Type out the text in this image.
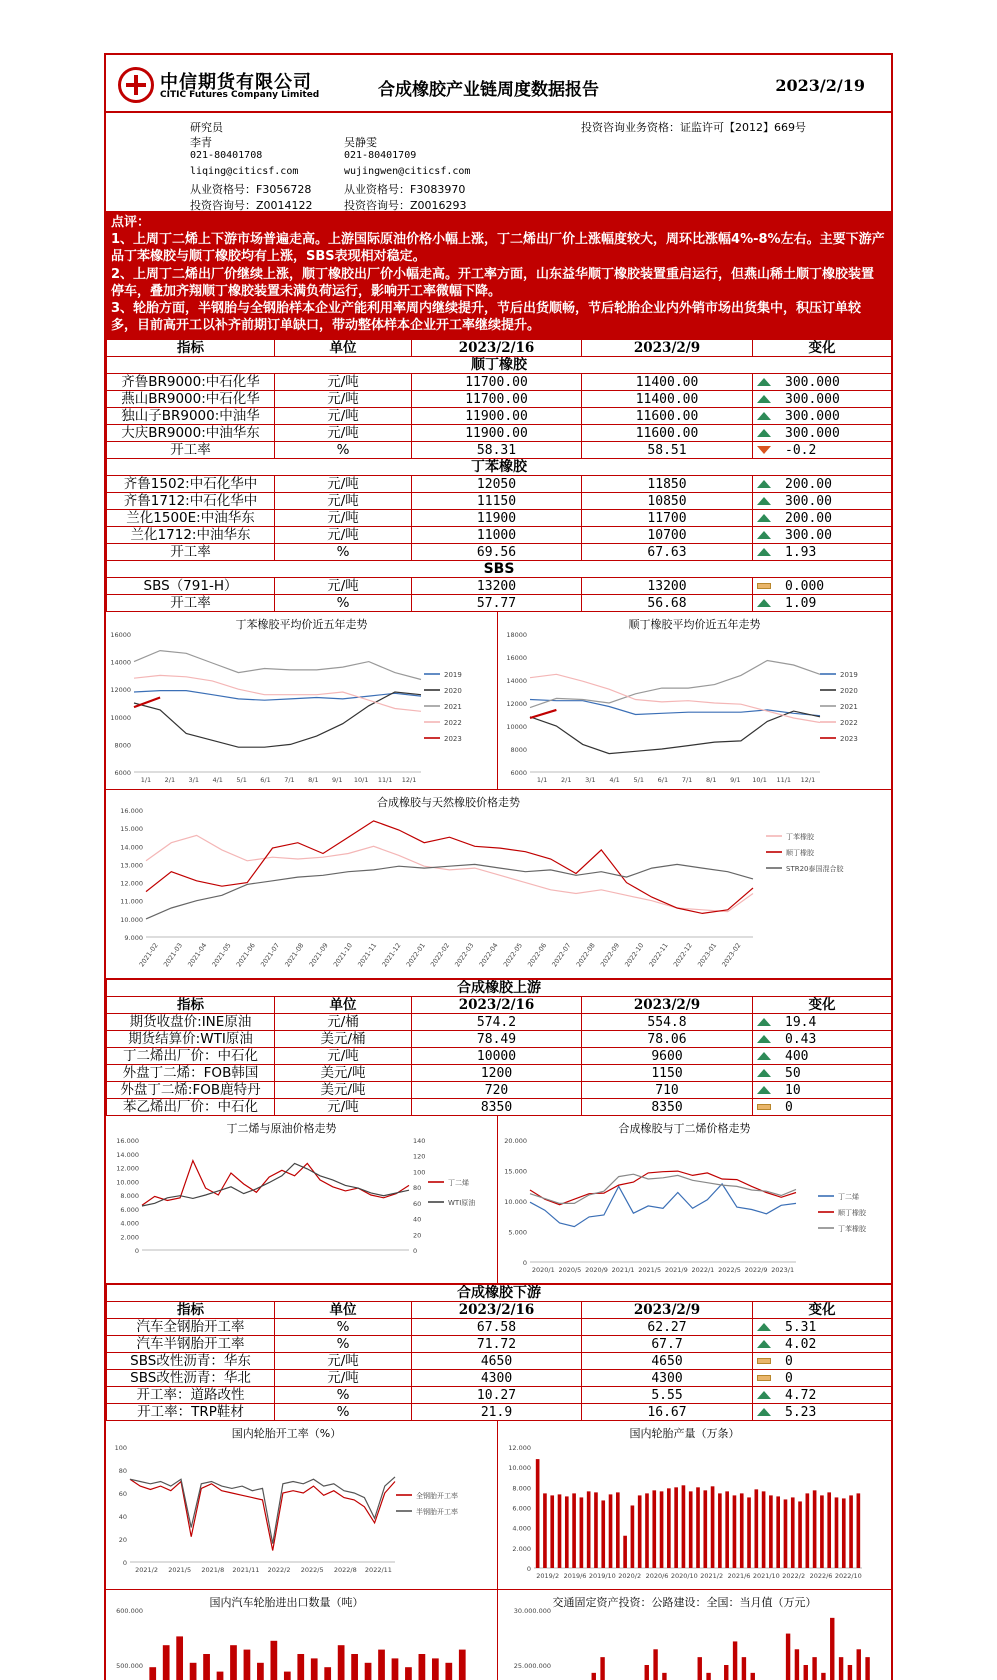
中信期货有限公司
CITIC Futures Company Limited	合成橡胶产业链周度数据报告	2023/2/19
研究员	投资咨询业务资格：证监许可【2012】669号
李青	吴静雯
021-80401708	021-80401709
liqing@citicsf.com	wujingwen@citicsf.com
从业资格号：F3056728	从业资格号：F3083970
投资咨询号：Z0014122	投资咨询号：Z0016293
点评：
1、上周丁二烯上下游市场普遍走高。上游国际原油价格小幅上涨，丁二烯出厂价上涨幅度较大，周环比涨幅4%-8%左右。主要下游产品丁苯橡胶与顺丁橡胶均有上涨，SBS表现相对稳定。
2、上周丁二烯出厂价继续上涨，顺丁橡胶出厂价小幅走高。开工率方面，山东益华顺丁橡胶装置重启运行，但燕山稀土顺丁橡胶装置停车，叠加齐翔顺丁橡胶装置未满负荷运行，影响开工率微幅下降。
3、轮胎方面，半钢胎与全钢胎样本企业产能利用率周内继续提升，节后出货顺畅，节后轮胎企业内外销市场出货集中，积压订单较多，目前高开工以补齐前期订单缺口，带动整体样本企业开工率继续提升。
指标	单位	2023/2/16	2023/2/9	变化
顺丁橡胶				
齐鲁BR9000:中石化华	元/吨	11700.00	11400.00	300.000
燕山BR9000:中石化华	元/吨	11700.00	11400.00	300.000
独山子BR9000:中油华	元/吨	11900.00	11600.00	300.000
大庆BR9000:中油华东	元/吨	11900.00	11600.00	300.000
开工率	%	58.31	58.51	-0.2
丁苯橡胶				
齐鲁1502:中石化华中	元/吨	12050	11850	200.00
齐鲁1712:中石化华中	元/吨	11150	10850	300.00
兰化1500E:中油华东	元/吨	11900	11700	200.00
兰化1712:中油华东	元/吨	11000	10700	300.00
开工率	%	69.56	67.63	1.93
SBS				
SBS（791-H）	元/吨	13200	13200	0.000
开工率	%	57.77	56.68	1.09
丁苯橡胶平均价近五年走势
16000
14000
12000
10000
8000
6000
1/1 2/1 3/1 4/1 5/1 6/1 7/1 8/1 9/1 10/1 11/1 12/1
2019
2020
2021
2022
2023
顺丁橡胶平均价近五年走势
18000
16000
14000
12000
10000
8000
6000
1/1 2/1 3/1 4/1 5/1 6/1 7/1 8/1 9/1 10/1 11/1 12/1
2019
2020
2021
2022
2023
合成橡胶与天然橡胶价格走势
16.000
15.000
14.000
13.000
12.000
11.000
10.000
9.000
2021-02 2021-03 2021-04 2021-05 2021-06 2021-07 2021-08 2021-09 2021-10 2021-11 2021-12 2022-01 2022-02 2022-03 2022-04 2022-05 2022-06 2022-07 2022-08 2022-09 2022-10 2022-11 2022-12 2023-01 2023-02
丁苯橡胶
顺丁橡胶
STR20泰国混合胶
合成橡胶上游				
指标	单位	2023/2/16	2023/2/9	变化
期货收盘价:INE原油	元/桶	574.2	554.8	19.4
期货结算价:WTI原油	美元/桶	78.49	78.06	0.43
丁二烯出厂价：中石化	元/吨	10000	9600	400
外盘丁二烯：FOB韩国	美元/吨	1200	1150	50
外盘丁二烯:FOB鹿特丹	美元/吨	720	710	10
苯乙烯出厂价：中石化	元/吨	8350	8350	0
丁二烯与原油价格走势
16.000
14.000
12.000
10.000
8.000
6.000
4.000
2.000
0
140
120
100
80
60
40
20
0
丁二烯
WTI原油
合成橡胶与丁二烯价格走势
20.000
15.000
10.000
5.000
0
2020/1 2020/5 2020/9 2021/1 2021/5 2021/9 2022/1 2022/5 2022/9 2023/1
丁二烯
顺丁橡胶
丁苯橡胶
合成橡胶下游				
指标	单位	2023/2/16	2023/2/9	变化
汽车全钢胎开工率	%	67.58	62.27	5.31
汽车半钢胎开工率	%	71.72	67.7	4.02
SBS改性沥青：华东	元/吨	4650	4650	0
SBS改性沥青：华北	元/吨	4300	4300	0
开工率：道路改性	%	10.27	5.55	4.72
开工率：TRP鞋材	%	21.9	16.67	5.23
国内轮胎开工率（%）
100
80
60
40
20
0
2021/2 2021/5 2021/8 2021/11 2022/2 2022/5 2022/8 2022/11
全钢胎开工率
半钢胎开工率
国内轮胎产量（万条）
12.000
10.000
8.000
6.000
4.000
2.000
0
2019/2 2019/6 2019/10 2020/2 2020/6 2020/10 2021/2 2021/6 2021/10 2022/2 2022/6 2022/10
国内汽车轮胎进出口数量（吨）
600.000
500.000
交通固定资产投资：公路建设：全国：当月值（万元）
30.000.000
25.000.000
